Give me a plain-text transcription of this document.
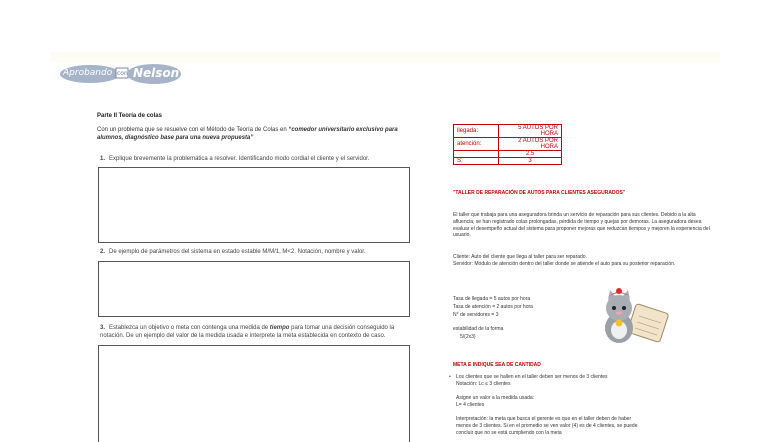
Aprobando con Nelson
Parte II Teoría de colas
Con un problema que se resuelve con el Método de Teoría de Colas en “comedor universitario exclusivo para alumnos, diagnóstico base para una nueva propuesta”
1. Explique brevemente la problemática a resolver. Identificando modo cordial el cliente y el servidor.
2. De ejemplo de parámetros del sistema en estado estable M/M/1, M<2. Notación, nombre y valor.
3. Establezca un objetivo o meta con contenga una medida de tiempo para tomar una decisión conseguido la notación. De un ejemplo del valor de la medida usada e interprete la meta establecida en contexto de caso.
llegada:	5 AUTOS POR HORA
atención:	2 AUTOS POR HORA
	2.5
S:	3
"TALLER DE REPARACIÓN DE AUTOS PARA CLIENTES ASEGURADOS"
El taller que trabaja para una aseguradora brinda un servicio de reparación para sus clientes. Debido a la alta afluencia, se han registrado colas prolongadas, pérdida de tiempo y quejas por demoras. La aseguradora desea evaluar el desempeño actual del sistema para proponer mejoras que reduzcan tiempos y mejoren la experiencia del usuario.
Cliente: Auto del cliente que llega al taller para ser reparado.
Servidor: Módulo de atención dentro del taller donde se atiende el auto para su posterior reparación.
Tasa de llegada = 5 autos por hora
Tasa de atención = 2 autos por hora
N° de servidores = 3
estabilidad de la forma
5/(2x3)
META E INDIQUE SEA DE CANTIDAD
•	Los clientes que se hallen en el taller deben ser menos de 3 clientes
Notación: Lc ≤ 3 clientes
Asigne un valor a la medida usada:
L= 4 clientes
Interpretación: la meta que busca el gerente es que en el taller deben de haber
menos de 3 clientes. Si en el promedio se ven valor (4) es de 4 clientes, se puede
concluir que no se está cumpliendo con la meta
